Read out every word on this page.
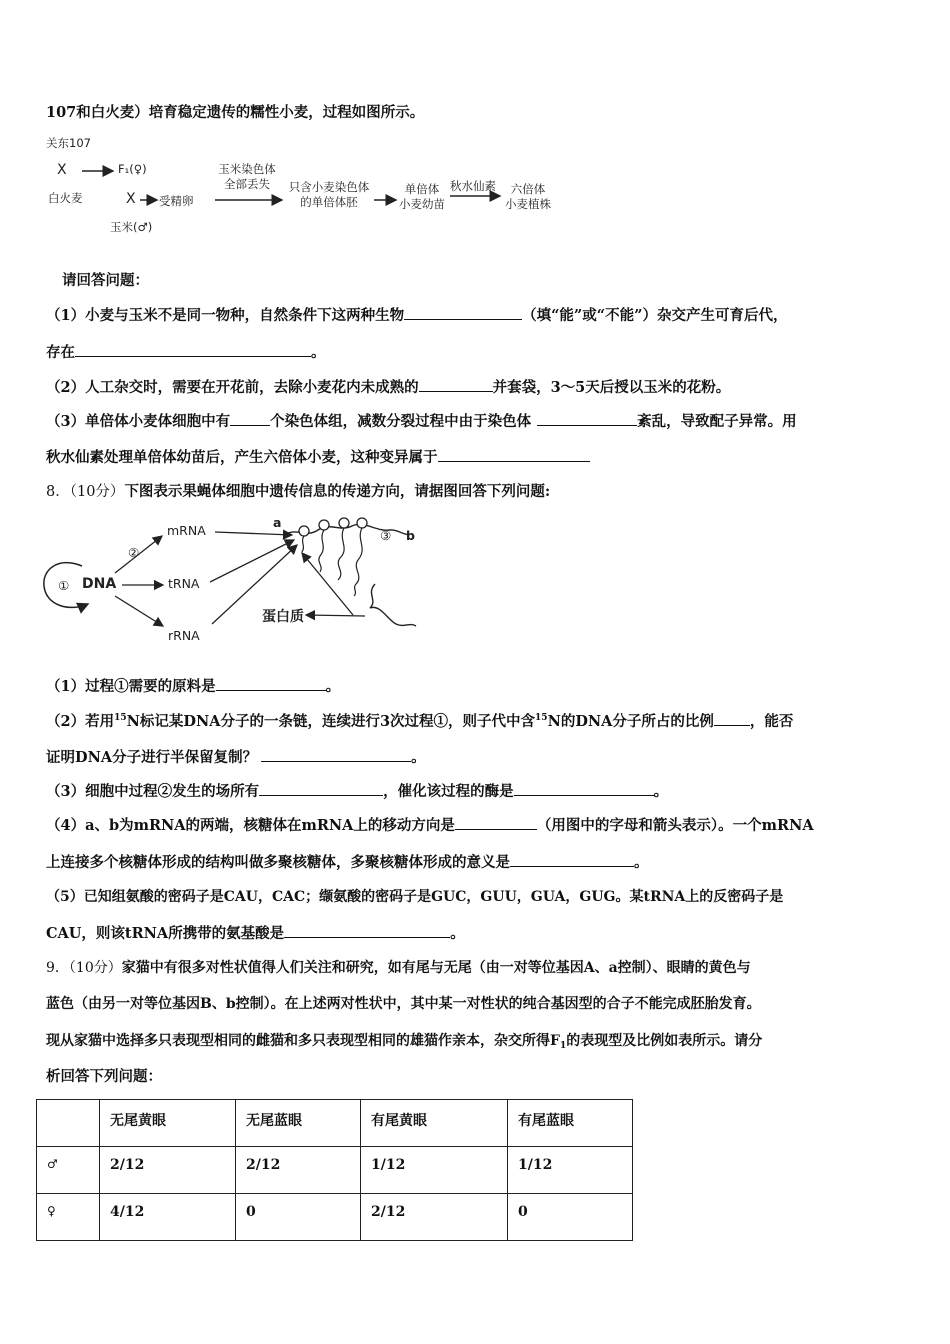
107和白火麦）培育稳定遗传的糯性小麦，过程如图所示。
关东107
X	F₁(♀)
白火麦	X 受精卵
玉米(♂)
玉米染色体
全部丢失	只含小麦染色体
的单倍体胚
单倍体
小麦幼苗
秋水仙素	六倍体
小麦植株
请回答问题：
（1）小麦与玉米不是同一物种，自然条件下这两种生物	（填“能”或“不能”）杂交产生可育后代，
存在	。
（2）人工杂交时，需要在开花前，去除小麦花内未成熟的	并套袋，3～5天后授以玉米的花粉。
（3）单倍体小麦体细胞中有	个染色体组，减数分裂过程中由于染色体	紊乱，导致配子异常。用
秋水仙素处理单倍体幼苗后，产生六倍体小麦，这种变异属于
8．（10分）下图表示果蝇体细胞中遗传信息的传递方向，请据图回答下列问题:
① DNA
②
mRNA
tRNA
rRNA
a
③ b
蛋白质
（1）过程①需要的原料是	。
（2）若用$^{15}$N标记某DNA分子的一条链，连续进行3次过程①，则子代中含$^{15}$N的DNA分子所占的比例 ，能否
证明DNA分子进行半保留复制？	。
（3）细胞中过程②发生的场所有	，催化该过程的酶是	。
（4）a、b为mRNA的两端，核糖体在mRNA上的移动方向是	（用图中的字母和箭头表示）。一个mRNA
上连接多个核糖体形成的结构叫做多聚核糖体，多聚核糖体形成的意义是	。
（5）已知组氨酸的密码子是CAU，CAC；缬氨酸的密码子是GUC，GUU，GUA，GUG。某tRNA上的反密码子是
CAU，则该tRNA所携带的氨基酸是	。
9．（10分）家猫中有很多对性状值得人们关注和研究，如有尾与无尾（由一对等位基因A、a控制）、眼睛的黄色与
蓝色（由另一对等位基因B、b控制）。在上述两对性状中，其中某一对性状的纯合基因型的合子不能完成胚胎发育。
现从家猫中选择多只表现型相同的雌猫和多只表现型相同的雄猫作亲本，杂交所得$F_1$的表现型及比例如表所示。请分
析回答下列问题：
	无尾黄眼	无尾蓝眼	有尾黄眼	有尾蓝眼
♂	2/12	2/12	1/12	1/12
♀	4/12	0	2/12	0
